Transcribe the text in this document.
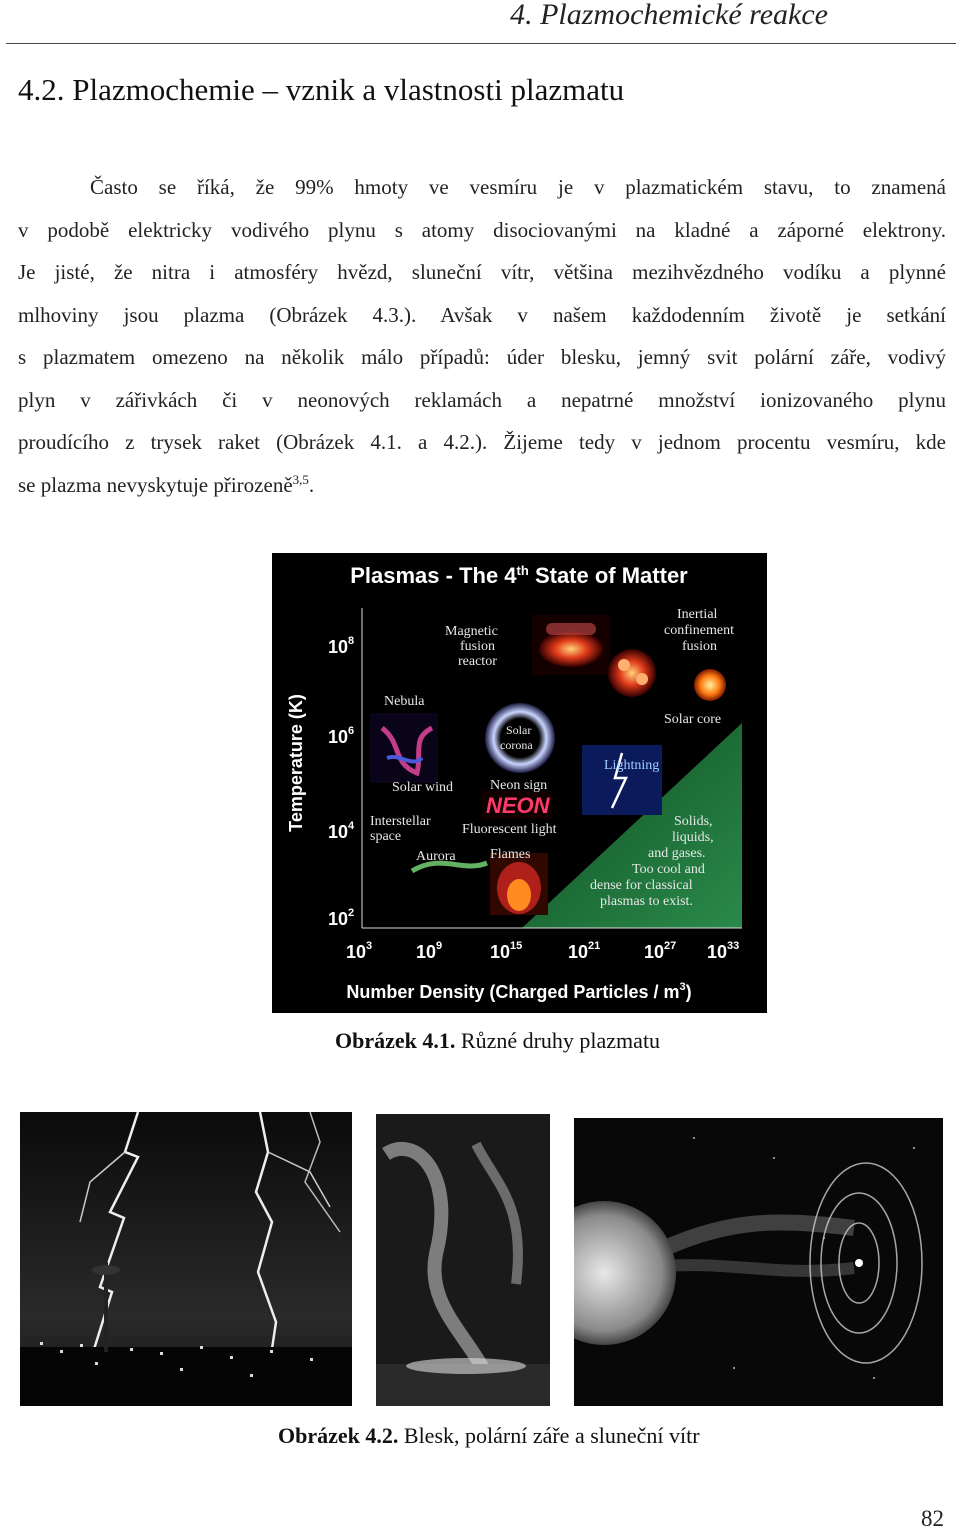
4. Plazmochemické reakce
4.2. Plazmochemie – vznik a vlastnosti plazmatu
Často se říká, že 99% hmoty ve vesmíru je v plazmatickém stavu, to znamená
v podobě elektricky vodivého plynu s atomy disociovanými na kladné a záporné elektrony.
Je jisté, že nitra i atmosféry hvězd, sluneční vítr, většina mezihvězdného vodíku a plynné
mlhoviny jsou plazma (Obrázek 4.3.). Avšak v našem každodenním životě je setkání
s plazmatem omezeno na několik málo případů: úder blesku, jemný svit polární záře, vodivý
plyn v zářivkách či v neonových reklamách a nepatrné množství ionizovaného plynu
proudícího z trysek raket (Obrázek 4.1. a 4.2.). Žijeme tedy v jednom procentu vesmíru, kde
se plazma nevyskytuje přirozeně$^{3,5}$.
Plasmas - The 4th State of Matter
Temperature (K)
$10^8$
$10^6$
$10^4$
$10^2$
$10^3$ $10^9$	$10^{15}$	$10^{21}$ $10^{27}$ $10^{33}$
Number Density (Charged Particles / $m^3$)
NEON
Magnetic
fusion
reactor
Inertial
confinement
fusion
Solar core
Nebula
Solar
corona
Lightning
Solar wind	Neon sign
Interstellar
space	Fluorescent light
Aurora Flames
Solids,
liquids,
and gases.
Too cool and
dense for classical
plasmas to exist.
Obrázek 4.1. Různé druhy plazmatu
Obrázek 4.2. Blesk, polární záře a sluneční vítr
82
